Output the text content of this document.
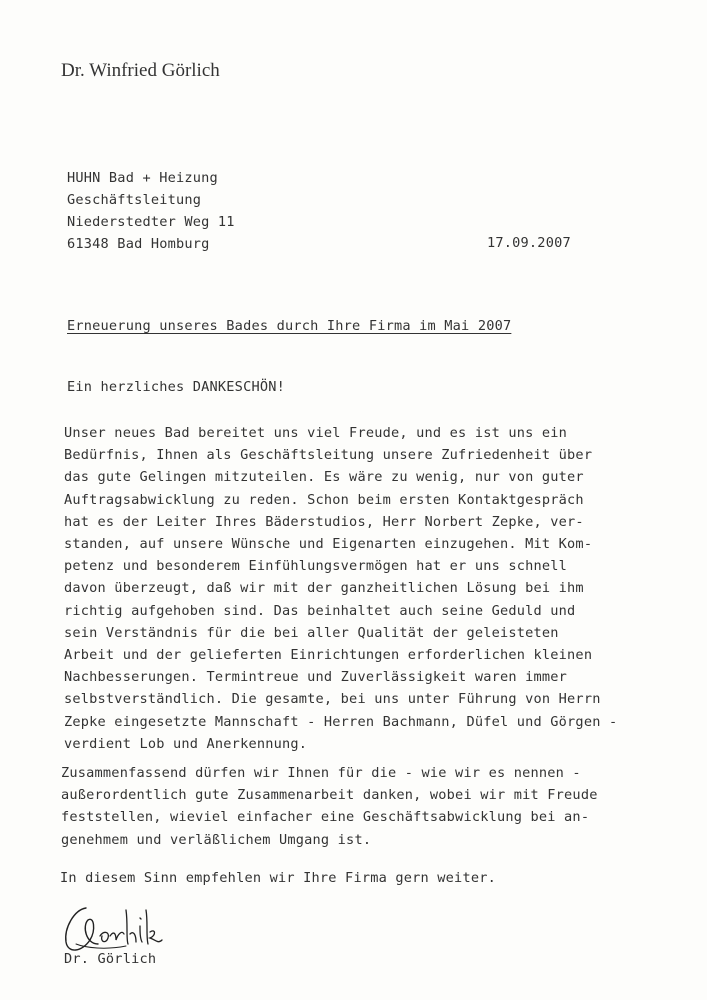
Dr. Winfried Görlich
HUHN Bad + Heizung
Geschäftsleitung
Niederstedter Weg 11
61348 Bad Homburg	17.09.2007
Erneuerung unseres Bades durch Ihre Firma im Mai 2007
Ein herzliches DANKESCHÖN!
Unser neues Bad bereitet uns viel Freude, und es ist uns ein
Bedürfnis, Ihnen als Geschäftsleitung unsere Zufriedenheit über
das gute Gelingen mitzuteilen. Es wäre zu wenig, nur von guter
Auftragsabwicklung zu reden. Schon beim ersten Kontaktgespräch
hat es der Leiter Ihres Bäderstudios, Herr Norbert Zepke, ver-
standen, auf unsere Wünsche und Eigenarten einzugehen. Mit Kom-
petenz und besonderem Einfühlungsvermögen hat er uns schnell
davon überzeugt, daß wir mit der ganzheitlichen Lösung bei ihm
richtig aufgehoben sind. Das beinhaltet auch seine Geduld und
sein Verständnis für die bei aller Qualität der geleisteten
Arbeit und der gelieferten Einrichtungen erforderlichen kleinen
Nachbesserungen. Termintreue und Zuverlässigkeit waren immer
selbstverständlich. Die gesamte, bei uns unter Führung von Herrn
Zepke eingesetzte Mannschaft - Herren Bachmann, Düfel und Görgen -
verdient Lob und Anerkennung.
Zusammenfassend dürfen wir Ihnen für die - wie wir es nennen -
außerordentlich gute Zusammenarbeit danken, wobei wir mit Freude
feststellen, wieviel einfacher eine Geschäftsabwicklung bei an-
genehmem und verläßlichem Umgang ist.
In diesem Sinn empfehlen wir Ihre Firma gern weiter.
Dr. Görlich
